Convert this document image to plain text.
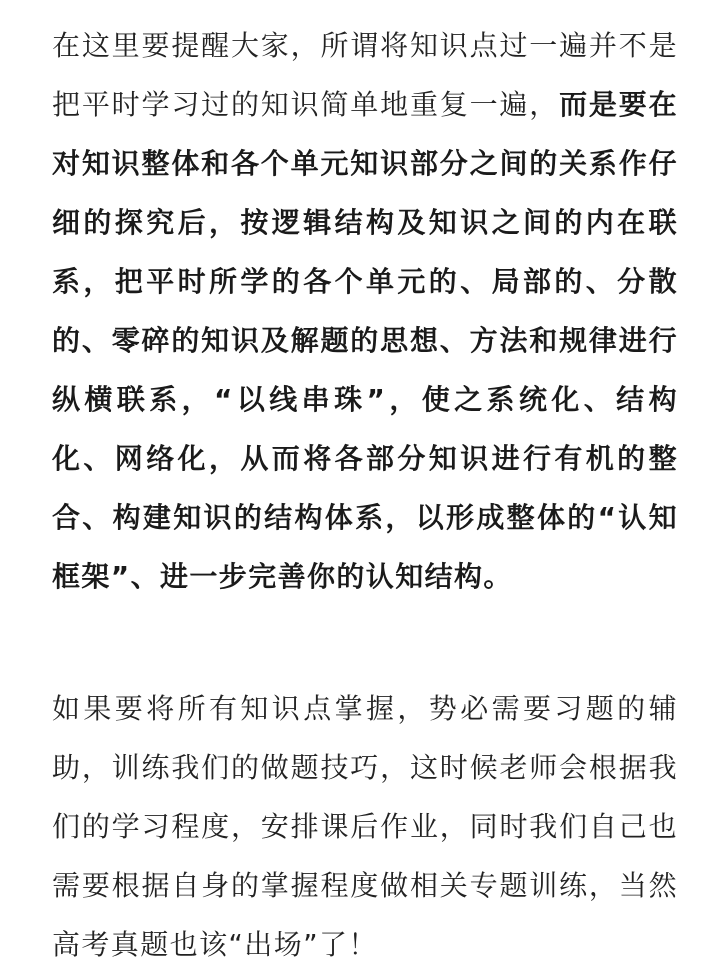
在这里要提醒大家，所谓将知识点过一遍并不是把平时学习过的知识简单地重复一遍，而是要在对知识整体和各个单元知识部分之间的关系作仔细的探究后，按逻辑结构及知识之间的内在联系，把平时所学的各个单元的、局部的、分散的、零碎的知识及解题的思想、方法和规律进行纵横联系，“以线串珠”，使之系统化、结构化、网络化，从而将各部分知识进行有机的整合、构建知识的结构体系，以形成整体的“认知框架”、进一步完善你的认知结构。

如果要将所有知识点掌握，势必需要习题的辅助，训练我们的做题技巧，这时候老师会根据我们的学习程度，安排课后作业，同时我们自己也需要根据自身的掌握程度做相关专题训练，当然高考真题也该“出场”了！
